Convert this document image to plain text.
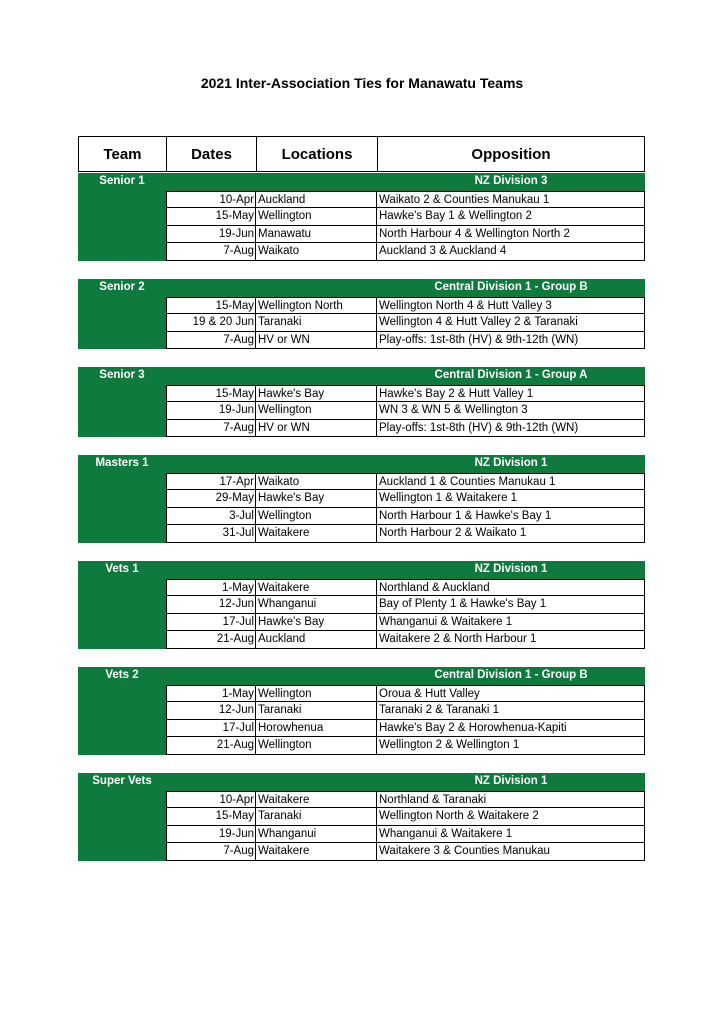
2021 Inter-Association Ties for Manawatu Teams
Team	Dates	Locations	Opposition
Senior 1	NZ Division 3
10-Apr Auckland	Waikato 2 & Counties Manukau 1
15-May Wellington	Hawke's Bay 1 & Wellington 2
19-Jun Manawatu	North Harbour 4 & Wellington North 2
7-Aug Waikato	Auckland 3 & Auckland 4
Senior 2	Central Division 1 - Group B
15-May Wellington North	Wellington North 4 & Hutt Valley 3
19 & 20 Jun Taranaki	Wellington 4 & Hutt Valley 2 & Taranaki
7-Aug HV or WN	Play-offs: 1st-8th (HV) & 9th-12th (WN)
Senior 3	Central Division 1 - Group A
15-May Hawke's Bay	Hawke's Bay 2 & Hutt Valley 1
19-Jun Wellington	WN 3 & WN 5 & Wellington 3
7-Aug HV or WN	Play-offs: 1st-8th (HV) & 9th-12th (WN)
Masters 1	NZ Division 1
17-Apr Waikato	Auckland 1 & Counties Manukau 1
29-May Hawke's Bay	Wellington 1 & Waitakere 1
3-Jul Wellington	North Harbour 1 & Hawke's Bay 1
31-Jul Waitakere	North Harbour 2 & Waikato 1
Vets 1	NZ Division 1
1-May Waitakere	Northland & Auckland
12-Jun Whanganui	Bay of Plenty 1 & Hawke's Bay 1
17-Jul Hawke's Bay	Whanganui & Waitakere 1
21-Aug Auckland	Waitakere 2 & North Harbour 1
Vets 2	Central Division 1 - Group B
1-May Wellington	Oroua & Hutt Valley
12-Jun Taranaki	Taranaki 2 & Taranaki 1
17-Jul Horowhenua	Hawke's Bay 2 & Horowhenua-Kapiti
21-Aug Wellington	Wellington 2 & Wellington 1
Super Vets	NZ Division 1
10-Apr Waitakere	Northland & Taranaki
15-May Taranaki	Wellington North & Waitakere 2
19-Jun Whanganui	Whanganui & Waitakere 1
7-Aug Waitakere	Waitakere 3 & Counties Manukau
